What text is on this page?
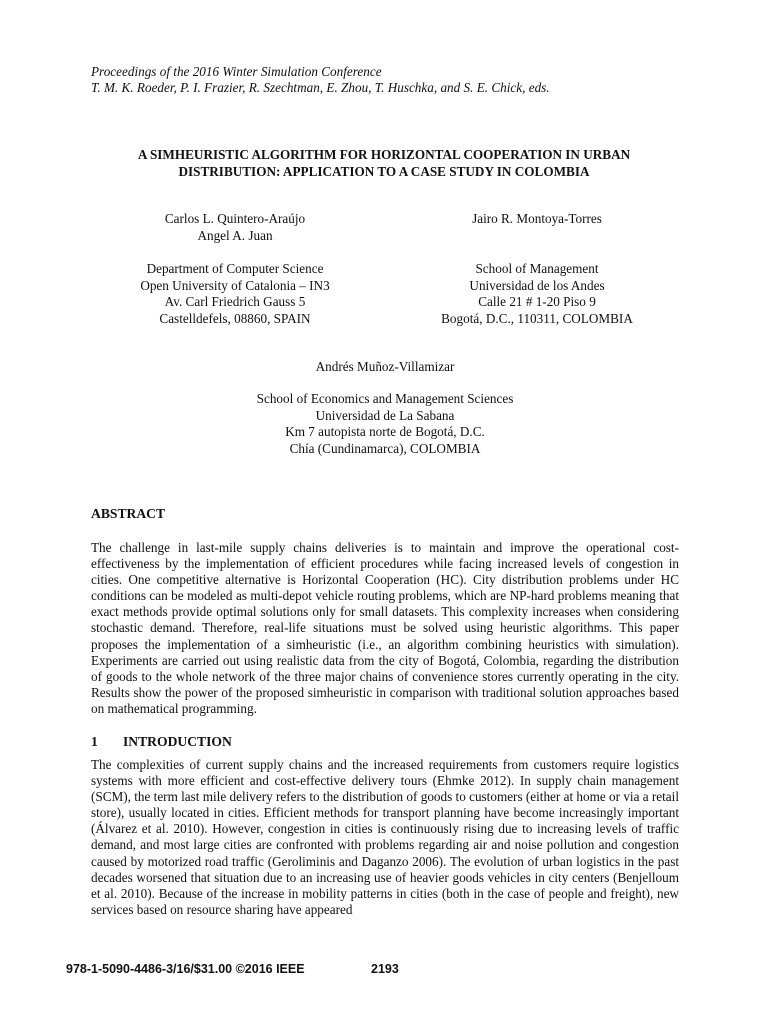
Proceedings of the 2016 Winter Simulation Conference
T. M. K. Roeder, P. I. Frazier, R. Szechtman, E. Zhou, T. Huschka, and S. E. Chick, eds.
A SIMHEURISTIC ALGORITHM FOR HORIZONTAL COOPERATION IN URBAN
DISTRIBUTION: APPLICATION TO A CASE STUDY IN COLOMBIA
Carlos L. Quintero-Araújo
Angel A. Juan
Department of Computer Science
Open University of Catalonia – IN3
Av. Carl Friedrich Gauss 5
Castelldefels, 08860, SPAIN
Jairo R. Montoya-Torres
School of Management
Universidad de los Andes
Calle 21 # 1-20 Piso 9
Bogotá, D.C., 110311, COLOMBIA
Andrés Muñoz-Villamizar
School of Economics and Management Sciences
Universidad de La Sabana
Km 7 autopista norte de Bogotá, D.C.
Chía (Cundinamarca), COLOMBIA
ABSTRACT
The challenge in last-mile supply chains deliveries is to maintain and improve the operational cost-effectiveness by the implementation of efficient procedures while facing increased levels of congestion in cities. One competitive alternative is Horizontal Cooperation (HC). City distribution problems under HC conditions can be modeled as multi-depot vehicle routing problems, which are NP-hard problems meaning that exact methods provide optimal solutions only for small datasets. This complexity increases when considering stochastic demand. Therefore, real-life situations must be solved using heuristic algorithms. This paper proposes the implementation of a simheuristic (i.e., an algorithm combining heuristics with simulation). Experiments are carried out using realistic data from the city of Bogotá, Colombia, regarding the distribution of goods to the whole network of the three major chains of convenience stores currently operating in the city. Results show the power of the proposed simheuristic in comparison with traditional solution approaches based on mathematical programming.
1 INTRODUCTION
The complexities of current supply chains and the increased requirements from customers require logistics systems with more efficient and cost-effective delivery tours (Ehmke 2012). In supply chain management (SCM), the term last mile delivery refers to the distribution of goods to customers (either at home or via a retail store), usually located in cities. Efficient methods for transport planning have become increasingly important (Álvarez et al. 2010). However, congestion in cities is continuously rising due to increasing levels of traffic demand, and most large cities are confronted with problems regarding air and noise pollution and congestion caused by motorized road traffic (Geroliminis and Daganzo 2006). The evolution of urban logistics in the past decades worsened that situation due to an increasing use of heavier goods vehicles in city centers (Benjelloum et al. 2010). Because of the increase in mobility patterns in cities (both in the case of people and freight), new services based on resource sharing have appeared
978-1-5090-4486-3/16/$31.00 ©2016 IEEE	2193
